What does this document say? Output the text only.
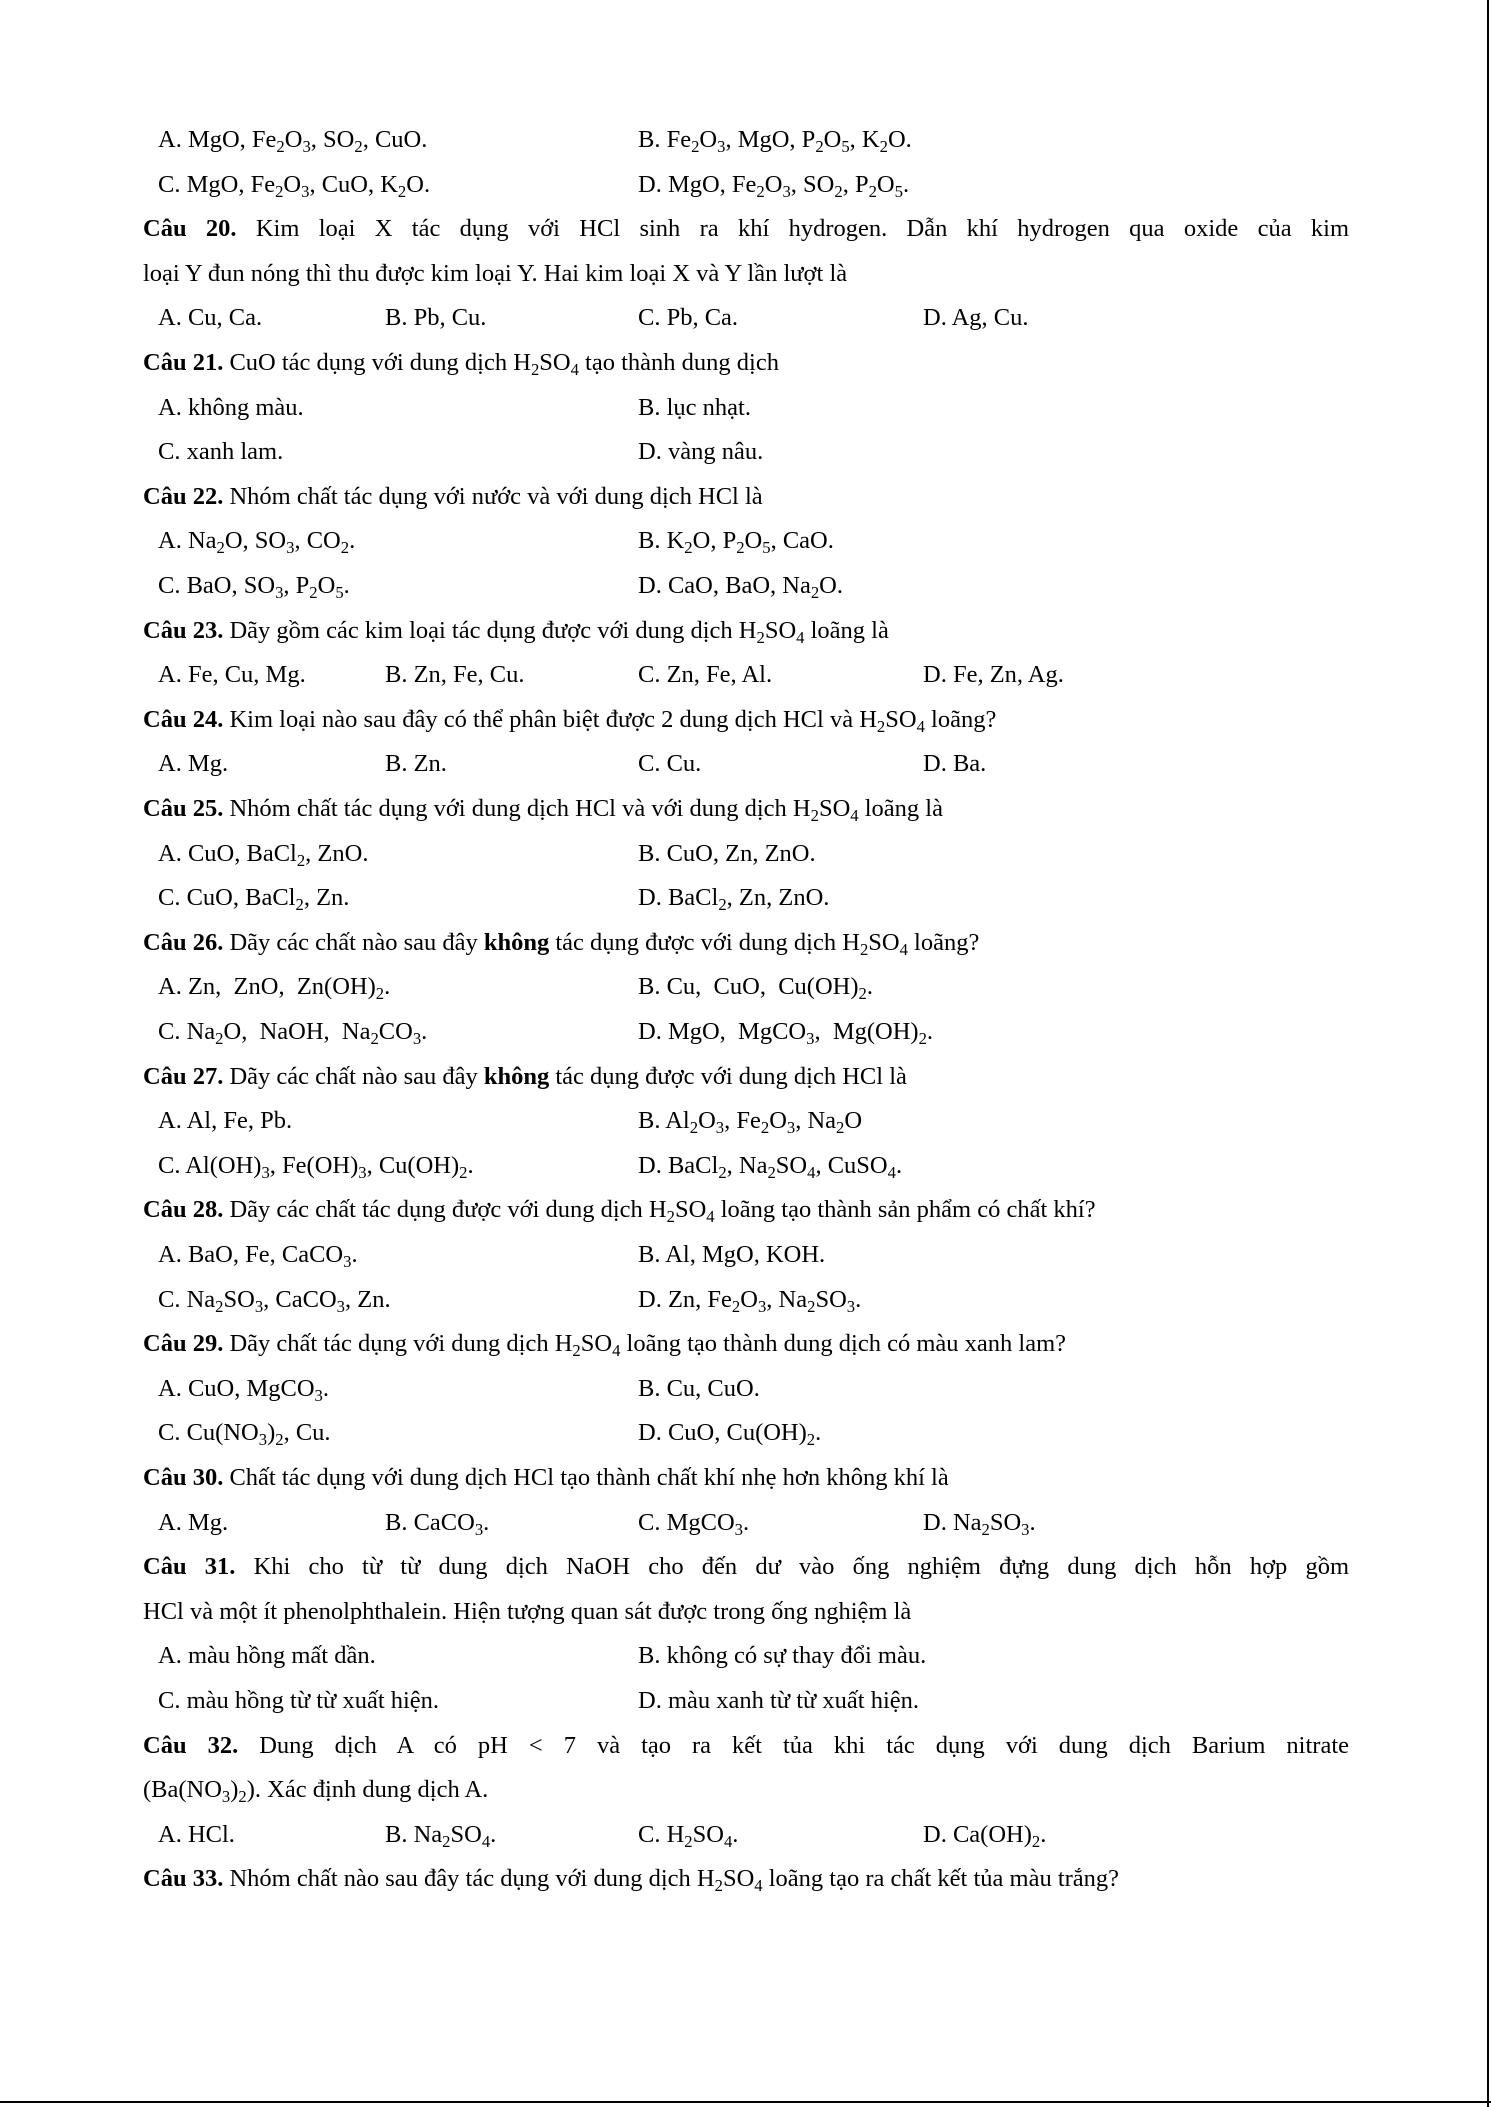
A. MgO, $Fe_2O_3$, $SO_2$, CuO.	B. $Fe_2O_3$, MgO, $P_2O_5$, $K_2O$.
C. MgO, $Fe_2O_3$, CuO, $K_2O$.	D. MgO, $Fe_2O_3$, $SO_2$, $P_2O_5$.
Câu 20. Kim loại X tác dụng với HCl sinh ra khí hydrogen. Dẫn khí hydrogen qua oxide của kim
loại Y đun nóng thì thu được kim loại Y. Hai kim loại X và Y lần lượt là
A. Cu, Ca.	B. Pb, Cu.	C. Pb, Ca.	D. Ag, Cu.
Câu 21. CuO tác dụng với dung dịch $H_2SO_4$ tạo thành dung dịch
A. không màu.	B. lục nhạt.
C. xanh lam.	D. vàng nâu.
Câu 22. Nhóm chất tác dụng với nước và với dung dịch HCl là
A. $Na_2O$, $SO_3$, $CO_2$.	B. $K_2O$, $P_2O_5$, CaO.
C. BaO, $SO_3$, $P_2O_5$.	D. CaO, BaO, $Na_2O$.
Câu 23. Dãy gồm các kim loại tác dụng được với dung dịch $H_2SO_4$ loãng là
A. Fe, Cu, Mg.	B. Zn, Fe, Cu.	C. Zn, Fe, Al.	D. Fe, Zn, Ag.
Câu 24. Kim loại nào sau đây có thể phân biệt được 2 dung dịch HCl và $H_2SO_4$ loãng?
A. Mg.	B. Zn.	C. Cu.	D. Ba.
Câu 25. Nhóm chất tác dụng với dung dịch HCl và với dung dịch $H_2SO_4$ loãng là
A. CuO, BaCl$_2$, ZnO.	B. CuO, Zn, ZnO.
C. CuO, BaCl$_2$, Zn.	D. BaCl$_2$, Zn, ZnO.
Câu 26. Dãy các chất nào sau đây không tác dụng được với dung dịch $H_2SO_4$ loãng?
A. Zn,  ZnO,  $Zn(OH)_2$.	B. Cu,  CuO,  $Cu(OH)_2$.
C. $Na_2O$,  NaOH,  $Na_2CO_3$.	D. MgO,  MgCO$_3$,  $Mg(OH)_2$.
Câu 27. Dãy các chất nào sau đây không tác dụng được với dung dịch HCl là
A. Al, Fe, Pb.	B. $Al_2O_3$, $Fe_2O_3$, $Na_2O$
C. $Al(OH)_3$, $Fe(OH)_3$, $Cu(OH)_2$.	D. BaCl$_2$, $Na_2SO_4$, CuSO$_4$.
Câu 28. Dãy các chất tác dụng được với dung dịch $H_2SO_4$ loãng tạo thành sản phẩm có chất khí?
A. BaO, Fe, CaCO$_3$.	B. Al, MgO, KOH.
C. $Na_2SO_3$, CaCO$_3$, Zn.	D. Zn, $Fe_2O_3$, $Na_2SO_3$.
Câu 29. Dãy chất tác dụng với dung dịch $H_2SO_4$ loãng tạo thành dung dịch có màu xanh lam?
A. CuO, MgCO$_3$.	B. Cu, CuO.
C. $Cu(NO_3)_2$, Cu.	D. CuO, $Cu(OH)_2$.
Câu 30. Chất tác dụng với dung dịch HCl tạo thành chất khí nhẹ hơn không khí là
A. Mg.	B. CaCO$_3$.	C. MgCO$_3$.	D. $Na_2SO_3$.
Câu 31. Khi cho từ từ dung dịch NaOH cho đến dư vào ống nghiệm đựng dung dịch hỗn hợp gồm
HCl và một ít phenolphthalein. Hiện tượng quan sát được trong ống nghiệm là
A. màu hồng mất dần.	B. không có sự thay đổi màu.
C. màu hồng từ từ xuất hiện.	D. màu xanh từ từ xuất hiện.
Câu 32. Dung dịch A có pH < 7 và tạo ra kết tủa khi tác dụng với dung dịch Barium nitrate
$(Ba(NO_3)_2)$. Xác định dung dịch A.
A. HCl.	B. $Na_2SO_4$.	C. $H_2SO_4$.	D. $Ca(OH)_2$.
Câu 33. Nhóm chất nào sau đây tác dụng với dung dịch $H_2SO_4$ loãng tạo ra chất kết tủa màu trắng?
